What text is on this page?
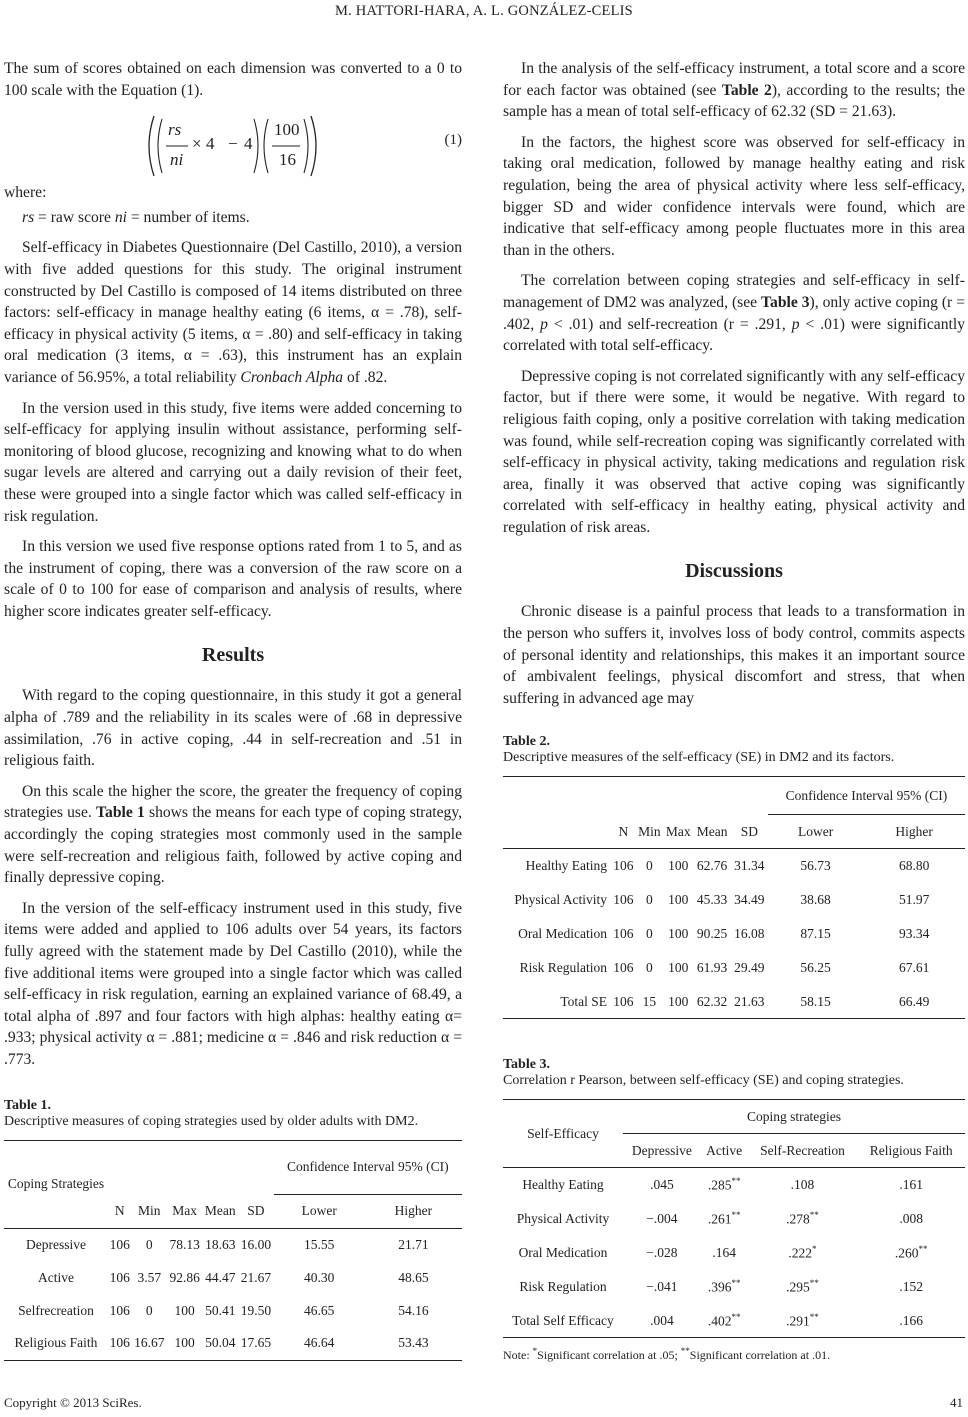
M. HATTORI-HARA, A. L. GONZÁLEZ-CELIS

The sum of scores obtained on each dimension was converted to a 0 to 100 scale with the Equation (1).

rs
ni
× 4 − 4
100
16
(1)

where:

rs = raw score ni = number of items.

Self-efficacy in Diabetes Questionnaire (Del Castillo, 2010), a version with five added questions for this study. The original instrument constructed by Del Castillo is composed of 14 items distributed on three factors: self-efficacy in manage healthy eating (6 items, α = .78), self-efficacy in physical activity (5 items, α = .80) and self-efficacy in taking oral medication (3 items, α = .63), this instrument has an explain variance of 56.95%, a total reliability Cronbach Alpha of .82.

In the version used in this study, five items were added concerning to self-efficacy for applying insulin without assistance, performing self-monitoring of blood glucose, recognizing and knowing what to do when sugar levels are altered and carrying out a daily revision of their feet, these were grouped into a single factor which was called self-efficacy in risk regulation.

In this version we used five response options rated from 1 to 5, and as the instrument of coping, there was a conversion of the raw score on a scale of 0 to 100 for ease of comparison and analysis of results, where higher score indicates greater self-efficacy.

Results

With regard to the coping questionnaire, in this study it got a general alpha of .789 and the reliability in its scales were of .68 in depressive assimilation, .76 in active coping, .44 in self-recreation and .51 in religious faith.

On this scale the higher the score, the greater the frequency of coping strategies use. Table 1 shows the means for each type of coping strategy, accordingly the coping strategies most commonly used in the sample were self-recreation and religious faith, followed by active coping and finally depressive coping.

In the version of the self-efficacy instrument used in this study, five items were added and applied to 106 adults over 54 years, its factors fully agreed with the statement made by Del Castillo (2010), while the five additional items were grouped into a single factor which was called self-efficacy in risk regulation, earning an explained variance of 68.49, a total alpha of .897 and four factors with high alphas: healthy eating α= .933; physical activity α = .881; medicine α = .846 and risk reduction α = .773.

Table 1.

Descriptive measures of coping strategies used by older adults with DM2.

Coping Strategies						Confidence Interval 95% (CI)	
	N	Min	Max	Mean	SD	Lower	Higher
Depressive	106	0	78.13	18.63	16.00	15.55	21.71
Active	106	3.57	92.86	44.47	21.67	40.30	48.65
Selfrecreation	106	0	100	50.41	19.50	46.65	54.16
Religious Faith	106	16.67	100	50.04	17.65	46.64	53.43

In the analysis of the self-efficacy instrument, a total score and a score for each factor was obtained (see Table 2), according to the results; the sample has a mean of total self-efficacy of 62.32 (SD = 21.63).

In the factors, the highest score was observed for self-efficacy in taking oral medication, followed by manage healthy eating and risk regulation, being the area of physical activity where less self-efficacy, bigger SD and wider confidence intervals were found, which are indicative that self-efficacy among people fluctuates more in this area than in the others.

The correlation between coping strategies and self-efficacy in self-management of DM2 was analyzed, (see Table 3), only active coping (r = .402, p < .01) and self-recreation (r = .291, p < .01) were significantly correlated with total self-efficacy.

Depressive coping is not correlated significantly with any self-efficacy factor, but if there were some, it would be negative. With regard to religious faith coping, only a positive correlation with taking medication was found, while self-recreation coping was significantly correlated with self-efficacy in physical activity, taking medications and regulation risk area, finally it was observed that active coping was significantly correlated with self-efficacy in healthy eating, physical activity and regulation of risk areas.

Discussions

Chronic disease is a painful process that leads to a transformation in the person who suffers it, involves loss of body control, commits aspects of personal identity and relationships, this makes it an important source of ambivalent feelings, physical discomfort and stress, that when suffering in advanced age may

Table 2.

Descriptive measures of the self-efficacy (SE) in DM2 and its factors.

						Confidence Interval 95% (CI)	
	N	Min	Max	Mean	SD	Lower	Higher
Healthy Eating	106	0	100	62.76	31.34	56.73	68.80
Physical Activity	106	0	100	45.33	34.49	38.68	51.97
Oral Medication	106	0	100	90.25	16.08	87.15	93.34
Risk Regulation	106	0	100	61.93	29.49	56.25	67.61
Total SE	106	15	100	62.32	21.63	58.15	66.49

Table 3.

Correlation r Pearson, between self-efficacy (SE) and coping strategies.

Self-Efficacy	Coping strategies			
	Depressive	Active	Self-Recreation	Religious Faith
Healthy Eating	.045	.285**	.108	.161
Physical Activity	−.004	.261**	.278**	.008
Oral Medication	−.028	.164	.222*	.260**
Risk Regulation	−.041	.396**	.295**	.152
Total Self Efficacy	.004	.402**	.291**	.166
Note: *Significant correlation at .05; **Significant correlation at .01.
Copyright © 2013 SciRes.	41
